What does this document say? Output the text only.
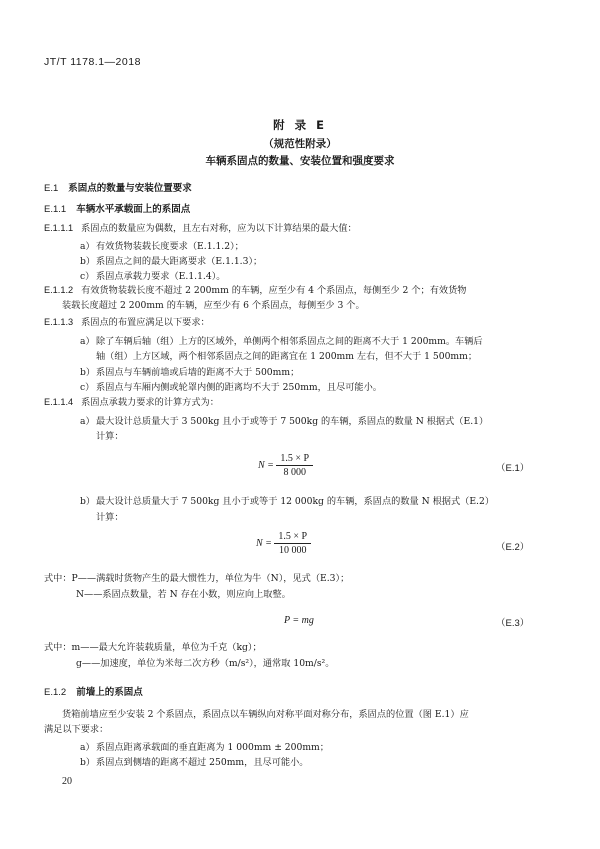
JT/T 1178.1—2018
附 录 E
（规范性附录）
车辆系固点的数量、安装位置和强度要求
E.1 系固点的数量与安装位置要求
E.1.1 车辆水平承载面上的系固点
E.1.1.1 系固点的数量应为偶数，且左右对称，应为以下计算结果的最大值：
a） 有效货物装载长度要求（E.1.1.2）；
b） 系固点之间的最大距离要求（E.1.1.3）；
c） 系固点承载力要求（E.1.1.4）。
E.1.1.2 有效货物装载长度不超过 2 200mm 的车辆，应至少有 4 个系固点，每侧至少 2 个；有效货物
装载长度超过 2 200mm 的车辆，应至少有 6 个系固点，每侧至少 3 个。
E.1.1.3 系固点的布置应满足以下要求：
a） 除了车辆后轴（组）上方的区域外，单侧两个相邻系固点之间的距离不大于 1 200mm。车辆后
轴（组）上方区域，两个相邻系固点之间的距离宜在 1 200mm 左右，但不大于 1 500mm；
b） 系固点与车辆前墙或后墙的距离不大于 500mm；
c） 系固点与车厢内侧或轮罩内侧的距离均不大于 250mm，且尽可能小。
E.1.1.4 系固点承载力要求的计算方式为：
a） 最大设计总质量大于 3 500kg 且小于或等于 7 500kg 的车辆，系固点的数量 N 根据式（E.1）
计算：
$N = \frac{1.5 \times P}{8 000}$	（E.1）
b） 最大设计总质量大于 7 500kg 且小于或等于 12 000kg 的车辆，系固点的数量 N 根据式（E.2）
计算：
$N = \frac{1.5 \times P}{10 000}$	（E.2）
式中：P——满载时货物产生的最大惯性力，单位为牛（N），见式（E.3）；
N——系固点数量，若 N 存在小数，则应向上取整。
P = mg	（E.3）
式中：m——最大允许装载质量，单位为千克（kg）；
g——加速度，单位为米每二次方秒（m/s²），通常取 10m/s²。
E.1.2 前墙上的系固点
货箱前墙应至少安装 2 个系固点，系固点以车辆纵向对称平面对称分布，系固点的位置（图 E.1）应
满足以下要求：
a） 系固点距离承载面的垂直距离为 1 000mm ± 200mm；
b） 系固点到侧墙的距离不超过 250mm，且尽可能小。
20
